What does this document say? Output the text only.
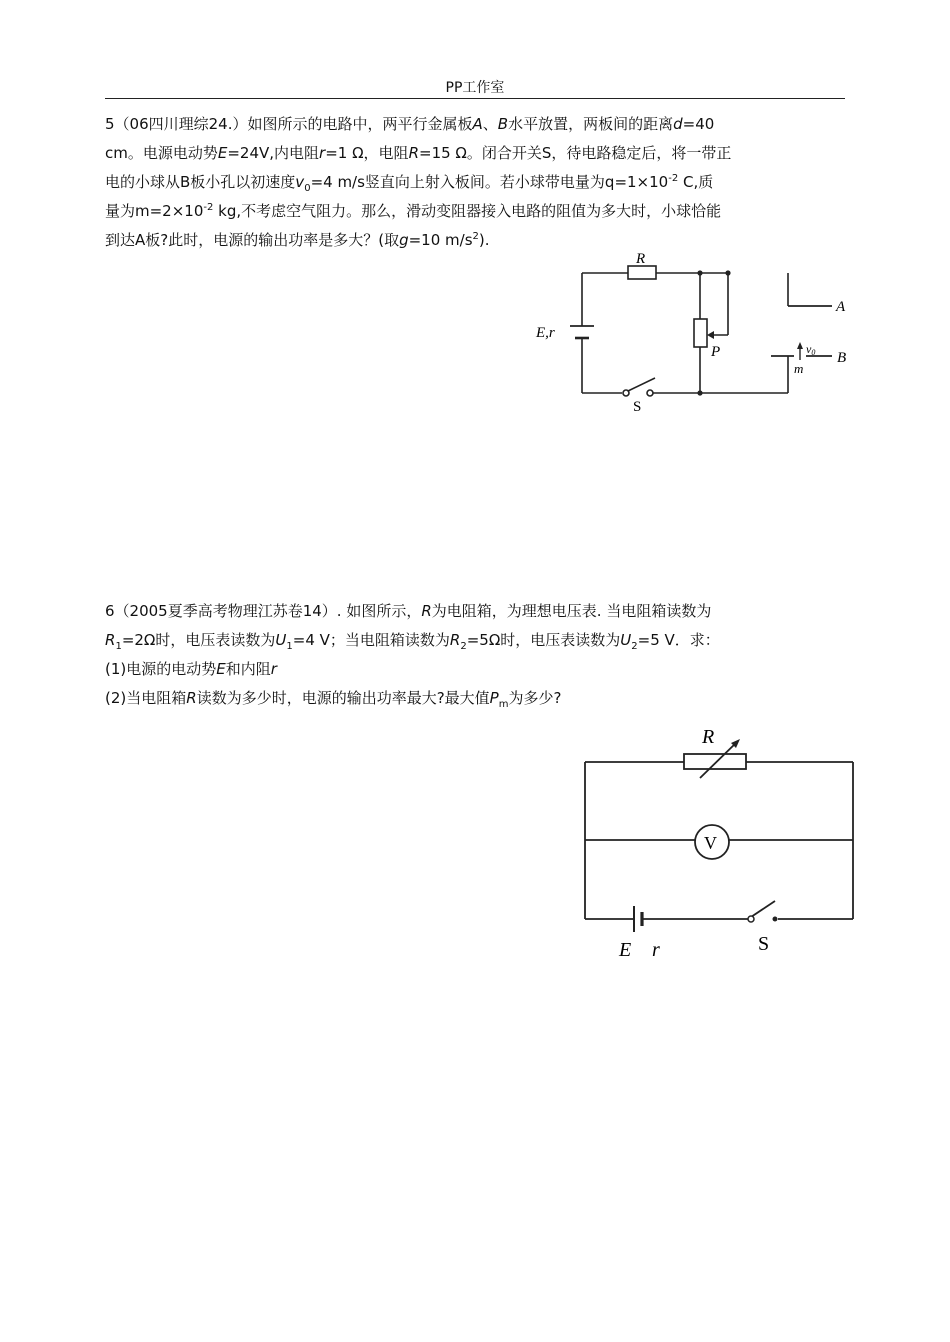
PP工作室
5（06四川理综24.）如图所示的电路中，两平行金属板A、B水平放置，两板间的距离d=40
cm。电源电动势E=24V,内电阻r=1 Ω，电阻R=15 Ω。闭合开关S，待电路稳定后，将一带正
电的小球从B板小孔以初速度$v_0=4$ m/s竖直向上射入板间。若小球带电量为$q=1\times 10^{-2}$ C,质
量为$m=2\times 10^{-2}$ kg,不考虑空气阻力。那么，滑动变阻器接入电路的阻值为多大时，小球恰能
到达A板?此时，电源的输出功率是多大？(取g=10 $m/s^2$).
R
E,r
P
A
B
v0
m
S
6（2005夏季高考物理江苏卷14）. 如图所示，R为电阻箱，为理想电压表. 当电阻箱读数为
$R_1=2\Omega$时，电压表读数为$U_1=4$ V；当电阻箱读数为$R_2=5\Omega$时，电压表读数为$U_2=5$ V．求：
(1)电源的电动势E和内阻r
(2)当电阻箱R读数为多少时，电源的输出功率最大?最大值$P_m$为多少?
R
V
E r	S
